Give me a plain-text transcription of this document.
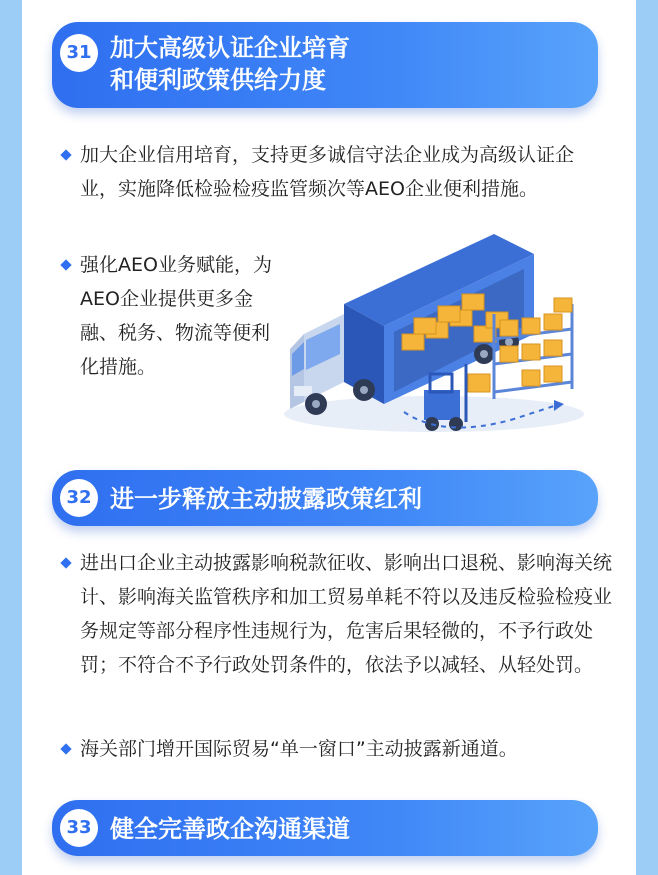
31 加大高级认证企业培育
和便利政策供给力度
加大企业信用培育，支持更多诚信守法企业成为高级认证企业，实施降低检验检疫监管频次等AEO企业便利措施。
强化AEO业务赋能，为AEO企业提供更多金融、税务、物流等便利化措施。
32 进一步释放主动披露政策红利
进出口企业主动披露影响税款征收、影响出口退税、影响海关统计、影响海关监管秩序和加工贸易单耗不符以及违反检验检疫业务规定等部分程序性违规行为，危害后果轻微的，不予行政处罚；不符合不予行政处罚条件的，依法予以减轻、从轻处罚。
海关部门增开国际贸易“单一窗口”主动披露新通道。
33 健全完善政企沟通渠道
